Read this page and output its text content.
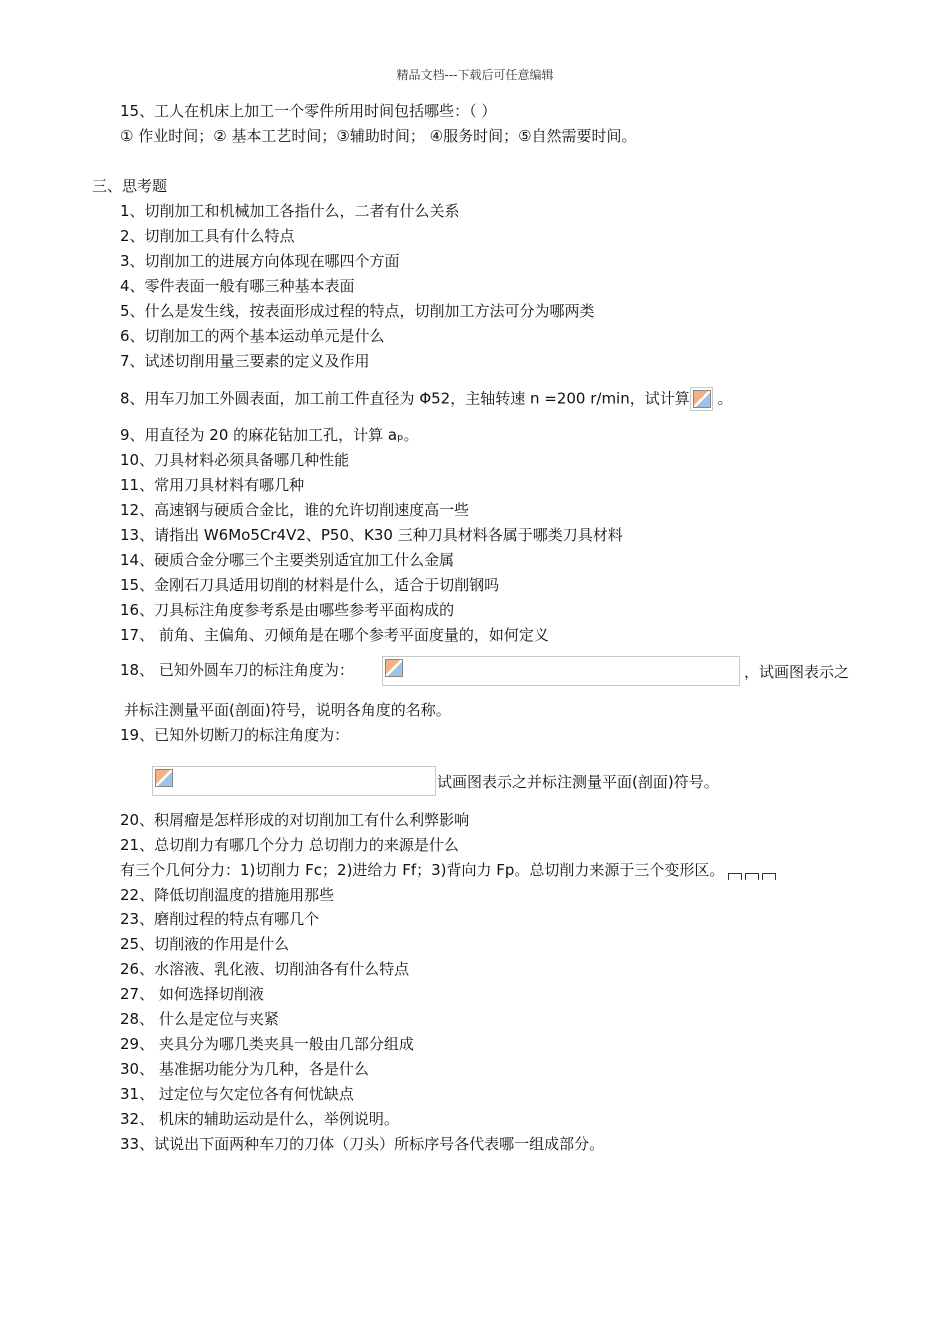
精品文档---下载后可任意编辑
15、工人在机床上加工一个零件所用时间包括哪些：（ ）
① 作业时间；② 基本工艺时间；③辅助时间； ④服务时间；⑤自然需要时间。
三、思考题
1、切削加工和机械加工各指什么，二者有什么关系
2、切削加工具有什么特点
3、切削加工的进展方向体现在哪四个方面
4、零件表面一般有哪三种基本表面
5、什么是发生线，按表面形成过程的特点，切削加工方法可分为哪两类
6、切削加工的两个基本运动单元是什么
7、试述切削用量三要素的定义及作用
8、用车刀加工外圆表面，加工前工件直径为 Φ52，主轴转速 n =200 r/min，试计算
。
9、用直径为 20 的麻花钻加工孔，计算 aₚ。
10、刀具材料必须具备哪几种性能
11、常用刀具材料有哪几种
12、高速钢与硬质合金比，谁的允许切削速度高一些
13、请指出 W6Mo5Cr4V2、P50、K30 三种刀具材料各属于哪类刀具材料
14、硬质合金分哪三个主要类别适宜加工什么金属
15、金刚石刀具适用切削的材料是什么，适合于切削钢吗
16、刀具标注角度参考系是由哪些参考平面构成的
17、 前角、主偏角、刃倾角是在哪个参考平面度量的，如何定义
18、 已知外圆车刀的标注角度为：	，试画图表示之
并标注测量平面(剖面)符号，说明各角度的名称。
19、已知外切断刀的标注角度为：
试画图表示之并标注测量平面(剖面)符号。
20、积屑瘤是怎样形成的对切削加工有什么利弊影响
21、总切削力有哪几个分力 总切削力的来源是什么
有三个几何分力：1)切削力 Fc；2)进给力 Ff；3)背向力 Fp。总切削力来源于三个变形区。
22、降低切削温度的措施用那些
23、磨削过程的特点有哪几个
25、切削液的作用是什么
26、水溶液、乳化液、切削油各有什么特点
27、 如何选择切削液
28、 什么是定位与夹紧
29、 夹具分为哪几类夹具一般由几部分组成
30、 基准据功能分为几种，各是什么
31、 过定位与欠定位各有何忧缺点
32、 机床的辅助运动是什么，举例说明。
33、试说出下面两种车刀的刀体（刀头）所标序号各代表哪一组成部分。
